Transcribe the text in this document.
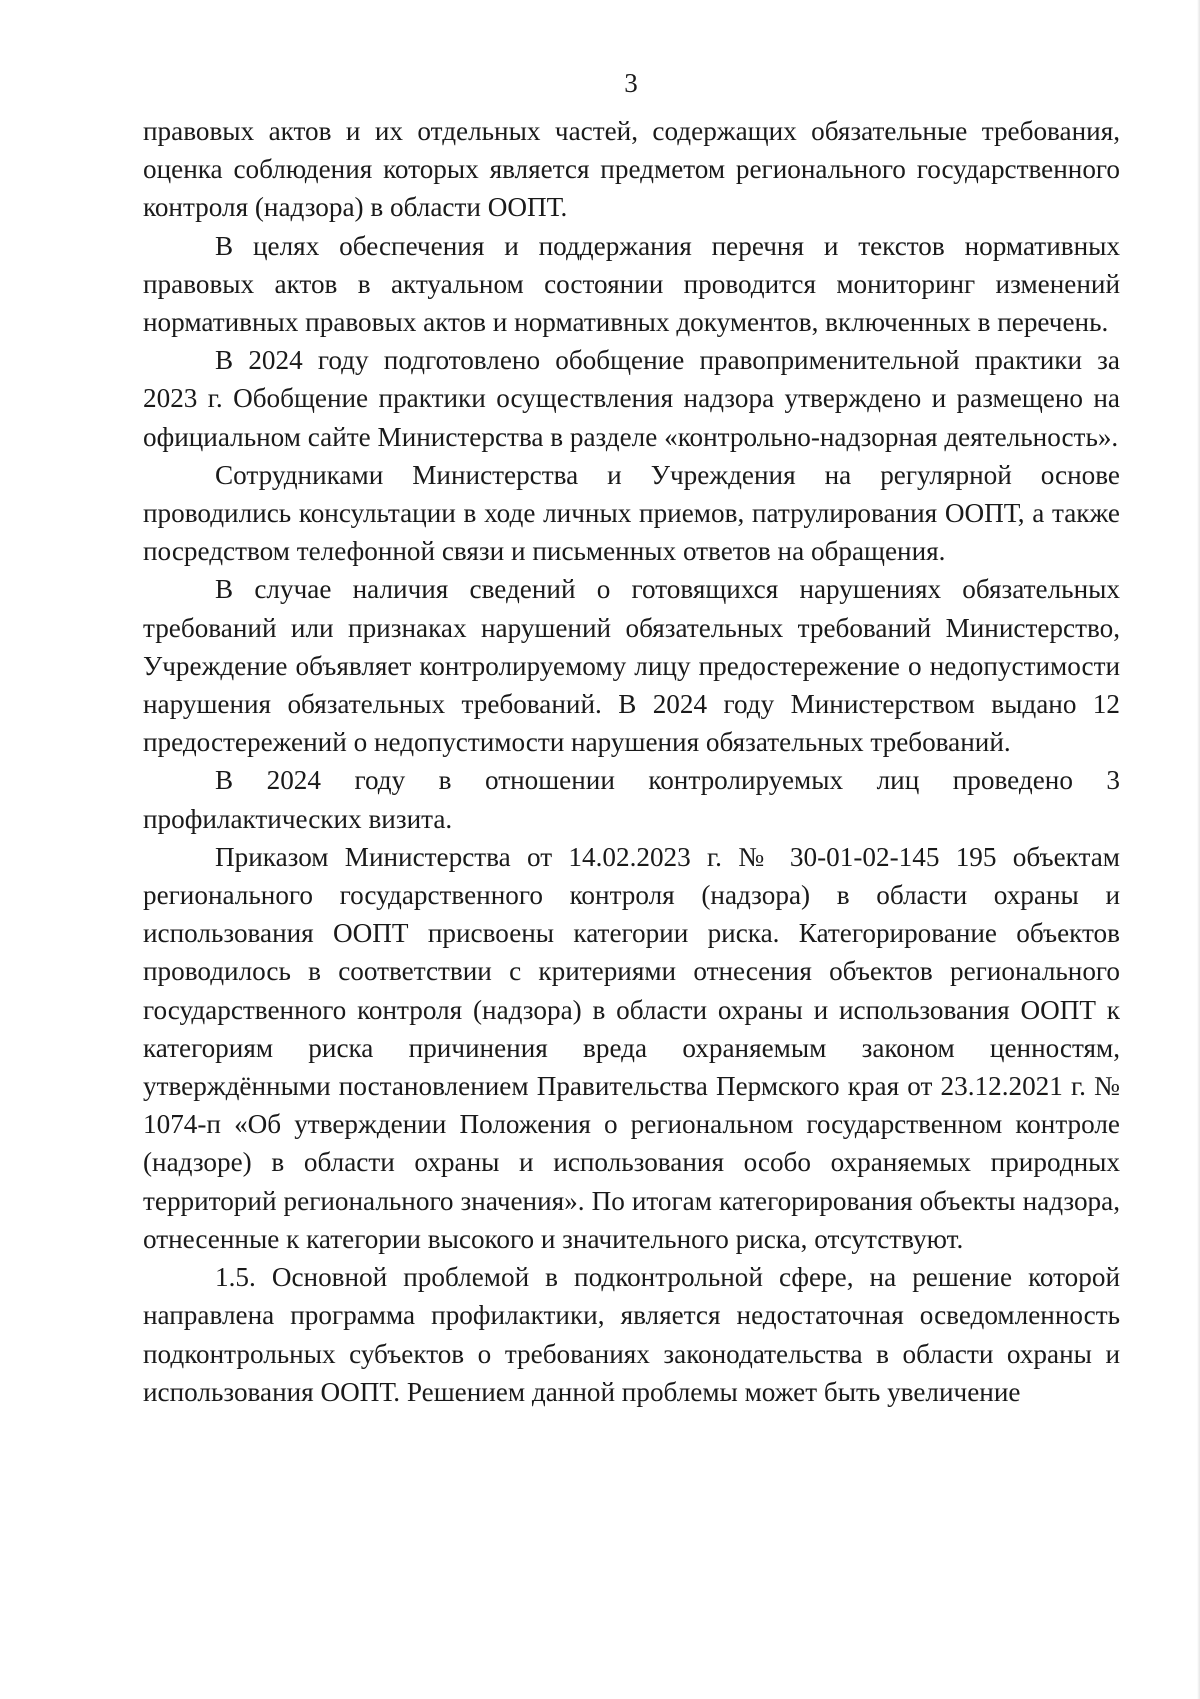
3

правовых актов и их отдельных частей, содержащих обязательные требования, оценка соблюдения которых является предметом регионального государственного контроля (надзора) в области ООПТ.

В целях обеспечения и поддержания перечня и текстов нормативных правовых актов в актуальном состоянии проводится мониторинг изменений нормативных правовых актов и нормативных документов, включенных в перечень.

В 2024 году подготовлено обобщение правоприменительной практики за 2023 г. Обобщение практики осуществления надзора утверждено и размещено на официальном сайте Министерства в разделе «контрольно-надзорная деятельность».

Сотрудниками Министерства и Учреждения на регулярной основе проводились консультации в ходе личных приемов, патрулирования ООПТ, а также посредством телефонной связи и письменных ответов на обращения.

В случае наличия сведений о готовящихся нарушениях обязательных требований или признаках нарушений обязательных требований Министерство, Учреждение объявляет контролируемому лицу предостережение о недопустимости нарушения обязательных требований. В 2024 году Министерством выдано 12 предостережений о недопустимости нарушения обязательных требований.

В 2024 году в отношении контролируемых лиц проведено 3 профилактических визита.

Приказом Министерства от 14.02.2023 г. № 30-01-02-145 195 объектам регионального государственного контроля (надзора) в области охраны и использования ООПТ присвоены категории риска. Категорирование объектов проводилось в соответствии с критериями отнесения объектов регионального государственного контроля (надзора) в области охраны и использования ООПТ к категориям риска причинения вреда охраняемым законом ценностям, утверждёнными постановлением Правительства Пермского края от 23.12.2021 г. № 1074-п «Об утверждении Положения о региональном государственном контроле (надзоре) в области охраны и использования особо охраняемых природных территорий регионального значения». По итогам категорирования объекты надзора, отнесенные к категории высокого и значительного риска, отсутствуют.

1.5. Основной проблемой в подконтрольной сфере, на решение которой направлена программа профилактики, является недостаточная осведомленность подконтрольных субъектов о требованиях законодательства в области охраны и использования ООПТ. Решением данной проблемы может быть увеличение
